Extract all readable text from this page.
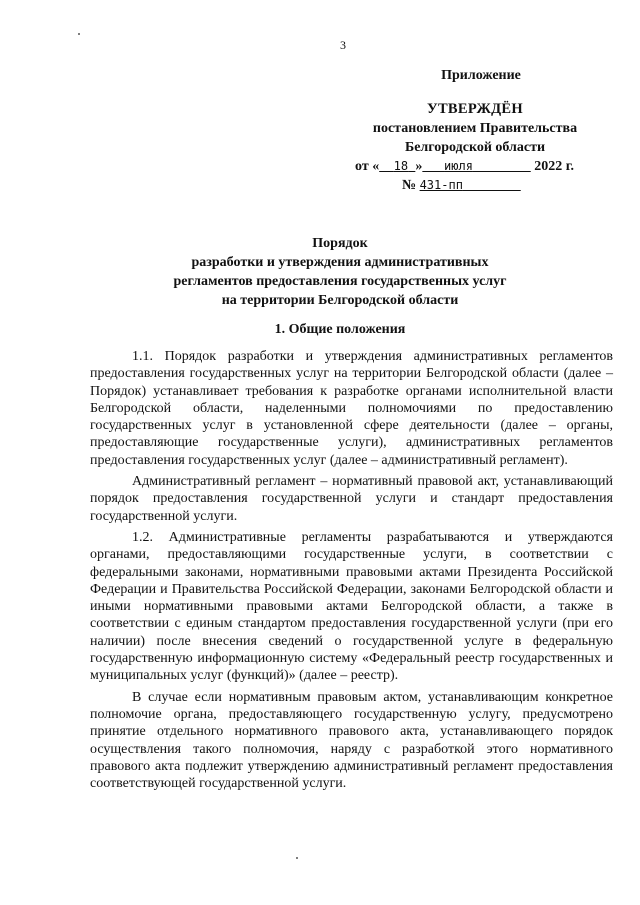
3
Приложение
УТВЕРЖДЁН
постановлением Правительства
Белгородской области
от « 18 » июля	2022 г.
№ 431-пп
Порядок
разработки и утверждения административных
регламентов предоставления государственных услуг
на территории Белгородской области
1. Общие положения

1.1. Порядок разработки и утверждения административных регламентов предоставления государственных услуг на территории Белгородской области (далее – Порядок) устанавливает требования к разработке органами исполнительной власти Белгородской области, наделенными полномочиями по предоставлению государственных услуг в установленной сфере деятельности (далее – органы, предоставляющие государственные услуги), административных регламентов предоставления государственных услуг (далее – административный регламент).

Административный регламент – нормативный правовой акт, устанавливающий порядок предоставления государственной услуги и стандарт предоставления государственной услуги.

1.2. Административные регламенты разрабатываются и утверждаются органами, предоставляющими государственные услуги, в соответствии с федеральными законами, нормативными правовыми актами Президента Российской Федерации и Правительства Российской Федерации, законами Белгородской области и иными нормативными правовыми актами Белгородской области, а также в соответствии с единым стандартом предоставления государственной услуги (при его наличии) после внесения сведений о государственной услуге в федеральную государственную информационную систему «Федеральный реестр государственных и муниципальных услуг (функций)» (далее – реестр).

В случае если нормативным правовым актом, устанавливающим конкретное полномочие органа, предоставляющего государственную услугу, предусмотрено принятие отдельного нормативного правового акта, устанавливающего порядок осуществления такого полномочия, наряду с разработкой этого нормативного правового акта подлежит утверждению административный регламент предоставления соответствующей государственной услуги.
